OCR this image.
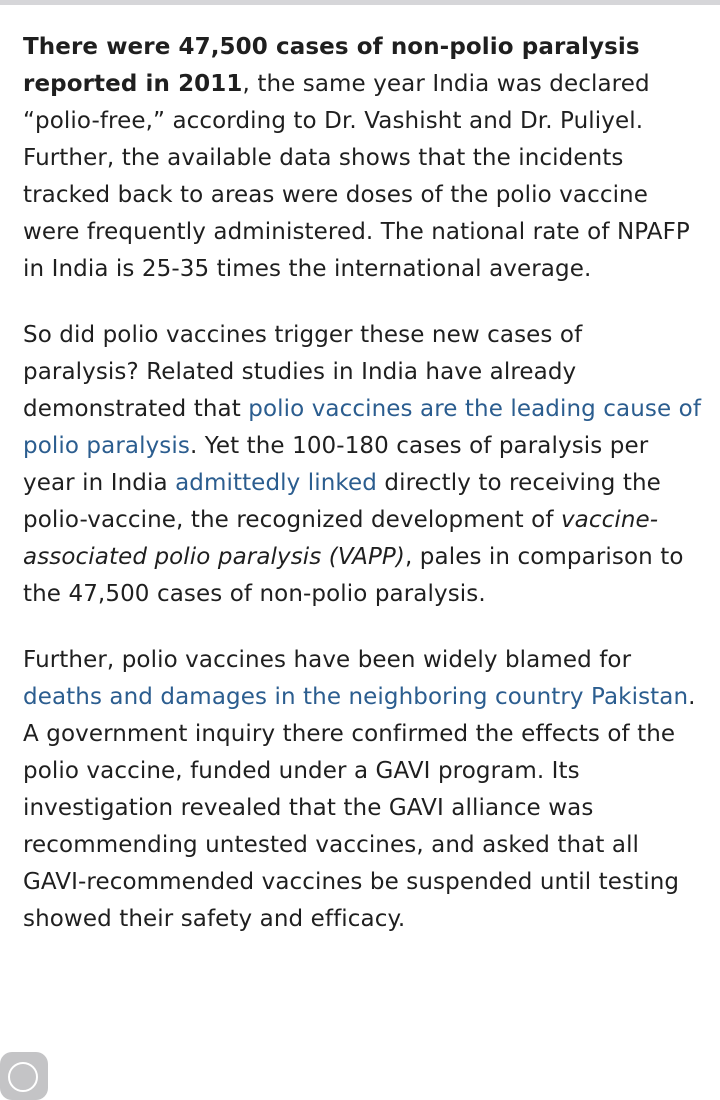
There were 47,500 cases of non-polio paralysis reported in 2011, the same year India was declared “polio-free,” according to Dr. Vashisht and Dr. Puliyel. Further, the available data shows that the incidents tracked back to areas were doses of the polio vaccine were frequently administered. The national rate of NPAFP in India is 25-35 times the international average.

So did polio vaccines trigger these new cases of paralysis? Related studies in India have already demonstrated that polio vaccines are the leading cause of polio paralysis. Yet the 100-180 cases of paralysis per year in India admittedly linked directly to receiving the polio-vaccine, the recognized development of vaccine-associated polio paralysis (VAPP), pales in comparison to the 47,500 cases of non-polio paralysis.

Further, polio vaccines have been widely blamed for deaths and damages in the neighboring country Pakistan. A government inquiry there confirmed the effects of the polio vaccine, funded under a GAVI program. Its investigation revealed that the GAVI alliance was recommending untested vaccines, and asked that all GAVI-recommended vaccines be suspended until testing showed their safety and efficacy.
